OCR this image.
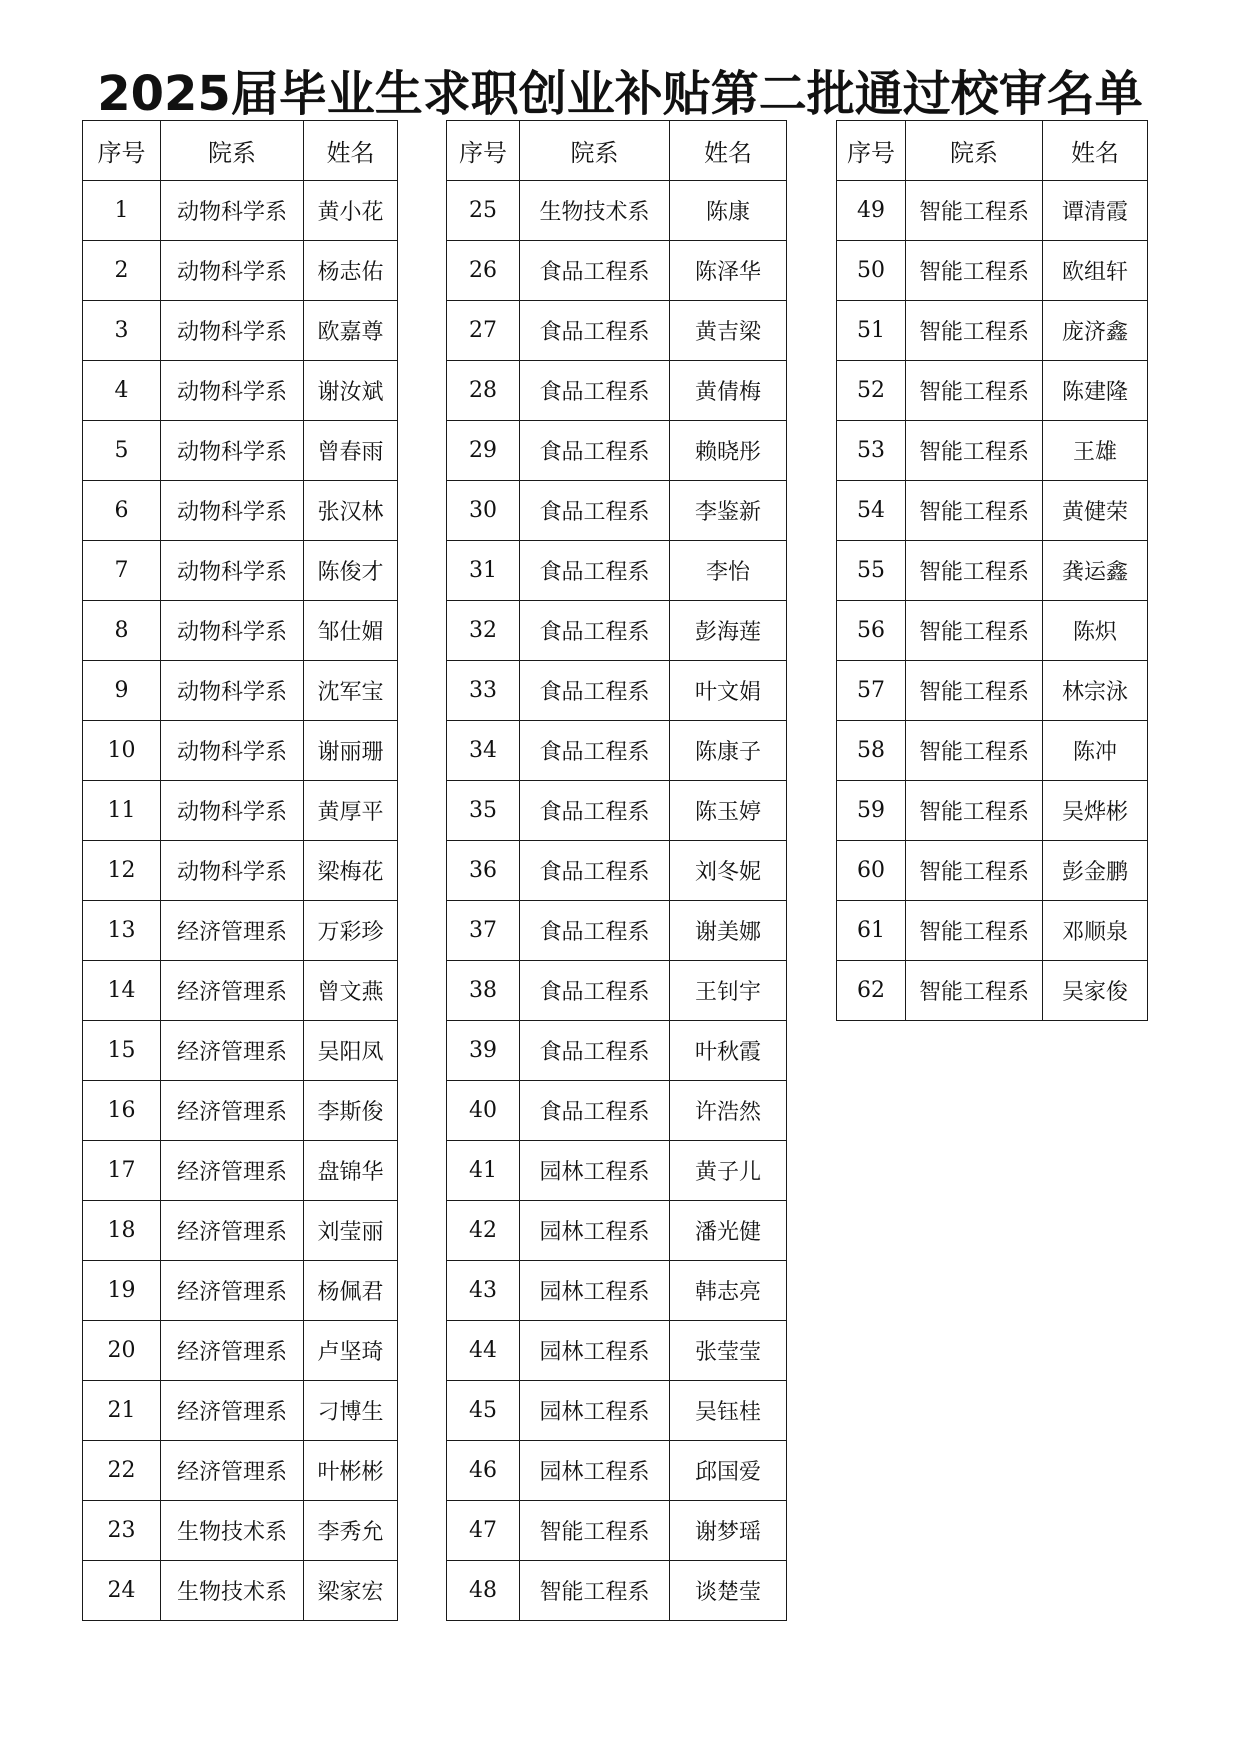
2025届毕业生求职创业补贴第二批通过校审名单
序号	院系	姓名
1	动物科学系	黄小花
2	动物科学系	杨志佑
3	动物科学系	欧嘉尊
4	动物科学系	谢汝斌
5	动物科学系	曾春雨
6	动物科学系	张汉林
7	动物科学系	陈俊才
8	动物科学系	邹仕媚
9	动物科学系	沈军宝
10	动物科学系	谢丽珊
11	动物科学系	黄厚平
12	动物科学系	梁梅花
13	经济管理系	万彩珍
14	经济管理系	曾文燕
15	经济管理系	吴阳凤
16	经济管理系	李斯俊
17	经济管理系	盘锦华
18	经济管理系	刘莹丽
19	经济管理系	杨佩君
20	经济管理系	卢坚琦
21	经济管理系	刁博生
22	经济管理系	叶彬彬
23	生物技术系	李秀允
24	生物技术系	梁家宏
序号	院系	姓名
25	生物技术系	陈康
26	食品工程系	陈泽华
27	食品工程系	黄吉梁
28	食品工程系	黄倩梅
29	食品工程系	赖晓彤
30	食品工程系	李鉴新
31	食品工程系	李怡
32	食品工程系	彭海莲
33	食品工程系	叶文娟
34	食品工程系	陈康子
35	食品工程系	陈玉婷
36	食品工程系	刘冬妮
37	食品工程系	谢美娜
38	食品工程系	王钊宇
39	食品工程系	叶秋霞
40	食品工程系	许浩然
41	园林工程系	黄子儿
42	园林工程系	潘光健
43	园林工程系	韩志亮
44	园林工程系	张莹莹
45	园林工程系	吴钰桂
46	园林工程系	邱国爱
47	智能工程系	谢梦瑶
48	智能工程系	谈楚莹
序号	院系	姓名
49	智能工程系	谭清霞
50	智能工程系	欧组轩
51	智能工程系	庞济鑫
52	智能工程系	陈建隆
53	智能工程系	王雄
54	智能工程系	黄健荣
55	智能工程系	龚运鑫
56	智能工程系	陈炽
57	智能工程系	林宗泳
58	智能工程系	陈冲
59	智能工程系	吴烨彬
60	智能工程系	彭金鹏
61	智能工程系	邓顺泉
62	智能工程系	吴家俊
